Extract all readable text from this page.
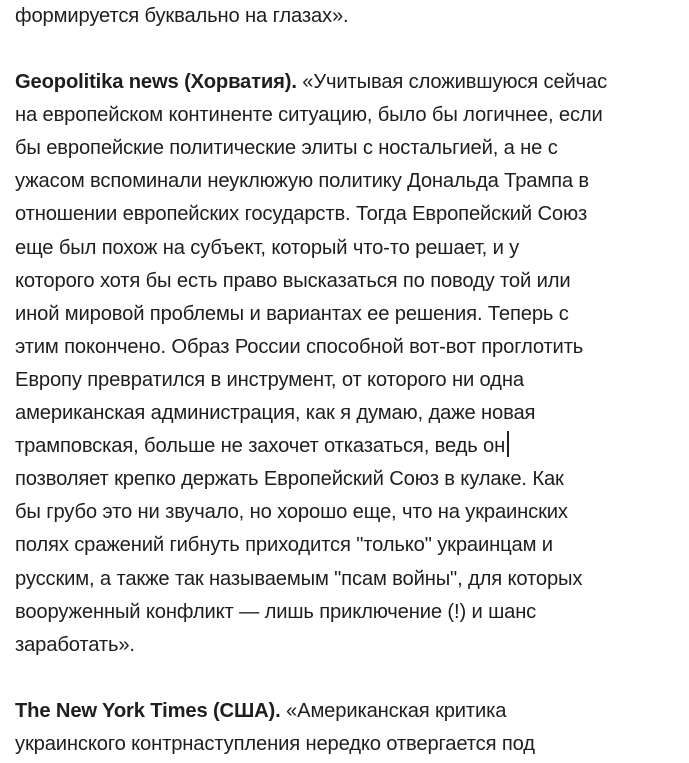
формируется буквально на глазах».
Geopolitika news (Хорватия). «Учитывая сложившуюся сейчас
на европейском континенте ситуацию, было бы логичнее, если
бы европейские политические элиты с ностальгией, а не с
ужасом вспоминали неуклюжую политику Дональда Трампа в
отношении европейских государств. Тогда Европейский Союз
еще был похож на субъект, который что-то решает, и у
которого хотя бы есть право высказаться по поводу той или
иной мировой проблемы и вариантах ее решения. Теперь с
этим покончено. Образ России способной вот-вот проглотить
Европу превратился в инструмент, от которого ни одна
американская администрация, как я думаю, даже новая
трамповская, больше не захочет отказаться, ведь он
позволяет крепко держать Европейский Союз в кулаке. Как
бы грубо это ни звучало, но хорошо еще, что на украинских
полях сражений гибнуть приходится "только" украинцам и
русским, а также так называемым "псам войны", для которых
вооруженный конфликт — лишь приключение (!) и шанс
заработать».
The New York Times (США). «Американская критика
украинского контрнаступления нередко отвергается под
